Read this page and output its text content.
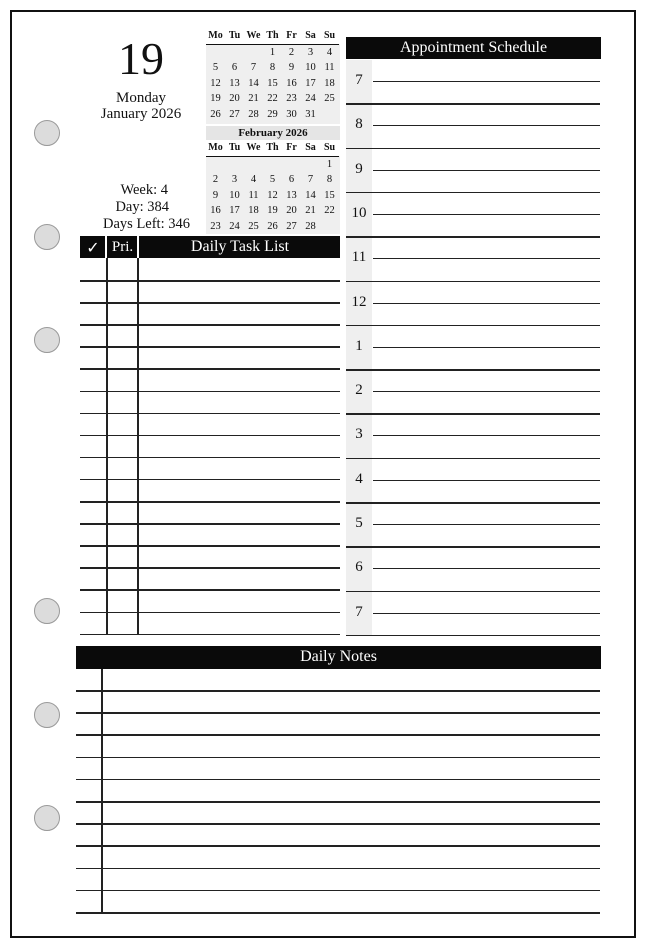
19
Monday
January 2026
Week: 4
Day: 384
Days Left: 346
Mo	Tu	We	Th	Fr	Sa	Su
			1	2	3	4
5	6	7	8	9	10	11
12	13	14	15	16	17	18
19	20	21	22	23	24	25
26	27	28	29	30	31	
February 2026
Mo	Tu	We	Th	Fr	Sa	Su
						1
2	3	4	5	6	7	8
9	10	11	12	13	14	15
16	17	18	19	20	21	22
23	24	25	26	27	28	
✓ Pri.	Daily Task List
Appointment Schedule
7
8
9
10
11
12
1
2
3
4
5
6
7
Daily Notes
